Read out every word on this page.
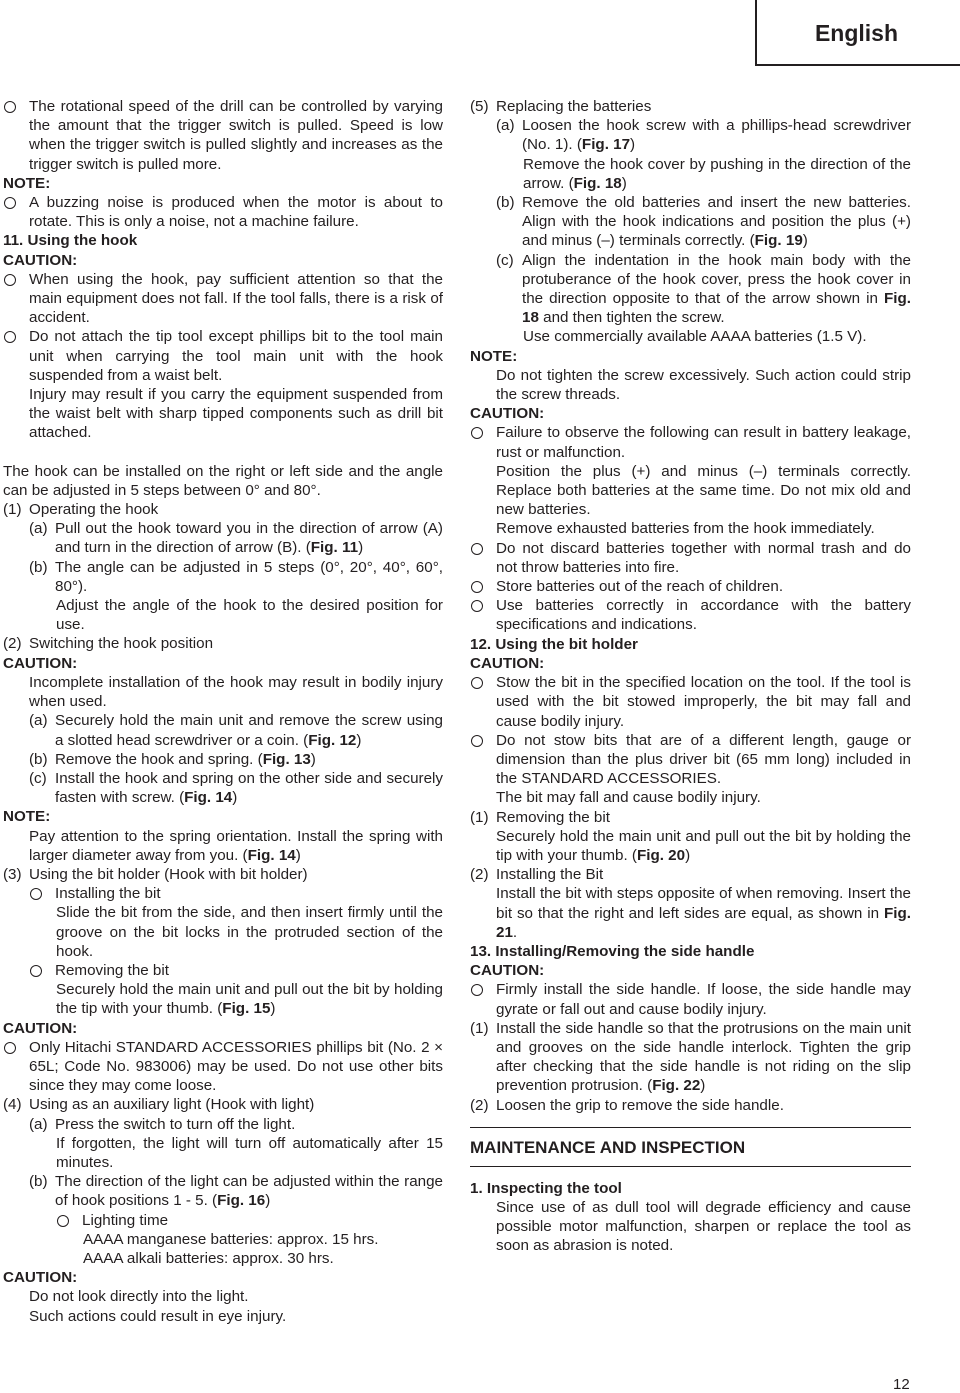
English
The rotational speed of the drill can be controlled by varying the amount that the trigger switch is pulled. Speed is low when the trigger switch is pulled slightly and increases as the trigger switch is pulled more.
NOTE:
A buzzing noise is produced when the motor is about to rotate. This is only a noise, not a machine failure.
11. Using the hook
CAUTION:
When using the hook, pay sufficient attention so that the main equipment does not fall. If the tool falls, there is a risk of accident.
Do not attach the tip tool except phillips bit to the tool main unit when carrying the tool main unit with the hook suspended from a waist belt.
Injury may result if you carry the equipment suspended from the waist belt with sharp tipped components such as drill bit attached.
The hook can be installed on the right or left side and the angle can be adjusted in 5 steps between 0° and 80°.
(1) Operating the hook
(a) Pull out the hook toward you in the direction of arrow (A) and turn in the direction of arrow (B). (Fig. 11)
(b) The angle can be adjusted in 5 steps (0°, 20°, 40°, 60°, 80°).
Adjust the angle of the hook to the desired position for use.
(2) Switching the hook position
CAUTION:
Incomplete installation of the hook may result in bodily injury when used.
(a) Securely hold the main unit and remove the screw using a slotted head screwdriver or a coin. (Fig. 12)
(b) Remove the hook and spring. (Fig. 13)
(c) Install the hook and spring on the other side and securely fasten with screw. (Fig. 14)
NOTE:
Pay attention to the spring orientation. Install the spring with larger diameter away from you. (Fig. 14)
(3) Using the bit holder (Hook with bit holder)
Installing the bit
Slide the bit from the side, and then insert firmly until the groove on the bit locks in the protruded section of the hook.
Removing the bit
Securely hold the main unit and pull out the bit by holding the tip with your thumb. (Fig. 15)
CAUTION:
Only Hitachi STANDARD ACCESSORIES phillips bit (No. 2 × 65L; Code No. 983006) may be used. Do not use other bits since they may come loose.
(4) Using as an auxiliary light (Hook with light)
(a) Press the switch to turn off the light.
If forgotten, the light will turn off automatically after 15 minutes.
(b) The direction of the light can be adjusted within the range of hook positions 1 - 5. (Fig. 16)
Lighting time
AAAA manganese batteries: approx. 15 hrs.
AAAA alkali batteries: approx. 30 hrs.
CAUTION:
Do not look directly into the light.
Such actions could result in eye injury.
(5) Replacing the batteries
(a) Loosen the hook screw with a phillips-head screwdriver (No. 1). (Fig. 17)
Remove the hook cover by pushing in the direction of the arrow. (Fig. 18)
(b) Remove the old batteries and insert the new batteries. Align with the hook indications and position the plus (+) and minus (–) terminals correctly. (Fig. 19)
(c) Align the indentation in the hook main body with the protuberance of the hook cover, press the hook cover in the direction opposite to that of the arrow shown in Fig. 18 and then tighten the screw.
Use commercially available AAAA batteries (1.5 V).
NOTE:
Do not tighten the screw excessively. Such action could strip the screw threads.
CAUTION:
Failure to observe the following can result in battery leakage, rust or malfunction.
Position the plus (+) and minus (–) terminals correctly. Replace both batteries at the same time. Do not mix old and new batteries.
Remove exhausted batteries from the hook immediately.
Do not discard batteries together with normal trash and do not throw batteries into fire.
Store batteries out of the reach of children.
Use batteries correctly in accordance with the battery specifications and indications.
12. Using the bit holder
CAUTION:
Stow the bit in the specified location on the tool. If the tool is used with the bit stowed improperly, the bit may fall and cause bodily injury.
Do not stow bits that are of a different length, gauge or dimension than the plus driver bit (65 mm long) included in the STANDARD ACCESSORIES.
The bit may fall and cause bodily injury.
(1) Removing the bit
Securely hold the main unit and pull out the bit by holding the tip with your thumb. (Fig. 20)
(2) Installing the Bit
Install the bit with steps opposite of when removing. Insert the bit so that the right and left sides are equal, as shown in Fig. 21.
13. Installing/Removing the side handle
CAUTION:
Firmly install the side handle. If loose, the side handle may gyrate or fall out and cause bodily injury.
(1) Install the side handle so that the protrusions on the main unit and grooves on the side handle interlock. Tighten the grip after checking that the side handle is not riding on the slip prevention protrusion. (Fig. 22)
(2) Loosen the grip to remove the side handle.
MAINTENANCE AND INSPECTION
1. Inspecting the tool
Since use of as dull tool will degrade efficiency and cause possible motor malfunction, sharpen or replace the tool as soon as abrasion is noted.
12
